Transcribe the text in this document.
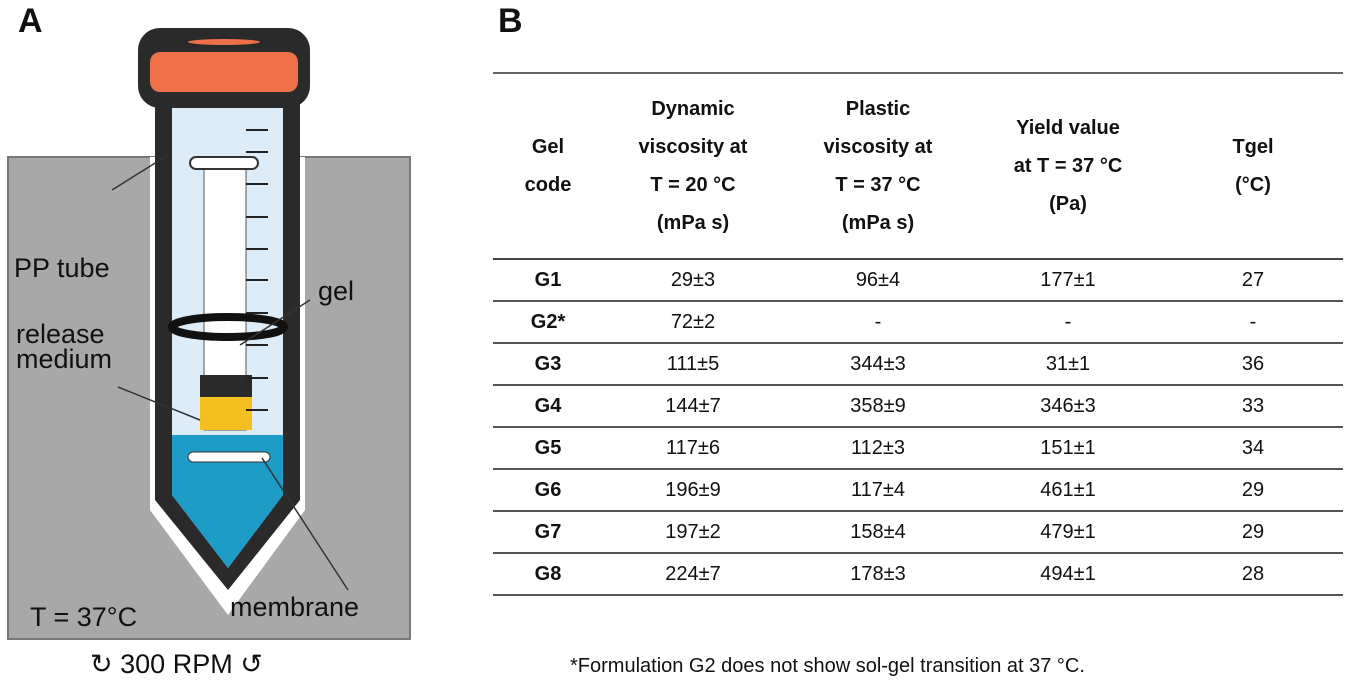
A	B
PP tube
gel
release
medium
membrane
T = 37°C
↻ 300 RPM ↺
Gel
code	Dynamic
viscosity at
T = 20 °C
(mPa s)	Plastic
viscosity at
T = 37 °C
(mPa s)	Yield value
at T = 37 °C
(Pa)	Tgel
(°C)

G1	29±3	96±4	177±1	27
G2*	72±2	-	-	-
G3	111±5	344±3	31±1	36
G4	144±7	358±9	346±3	33
G5	117±6	112±3	151±1	34
G6	196±9	117±4	461±1	29
G7	197±2	158±4	479±1	29
G8	224±7	178±3	494±1	28
*Formulation G2 does not show sol-gel transition at 37 °C.
